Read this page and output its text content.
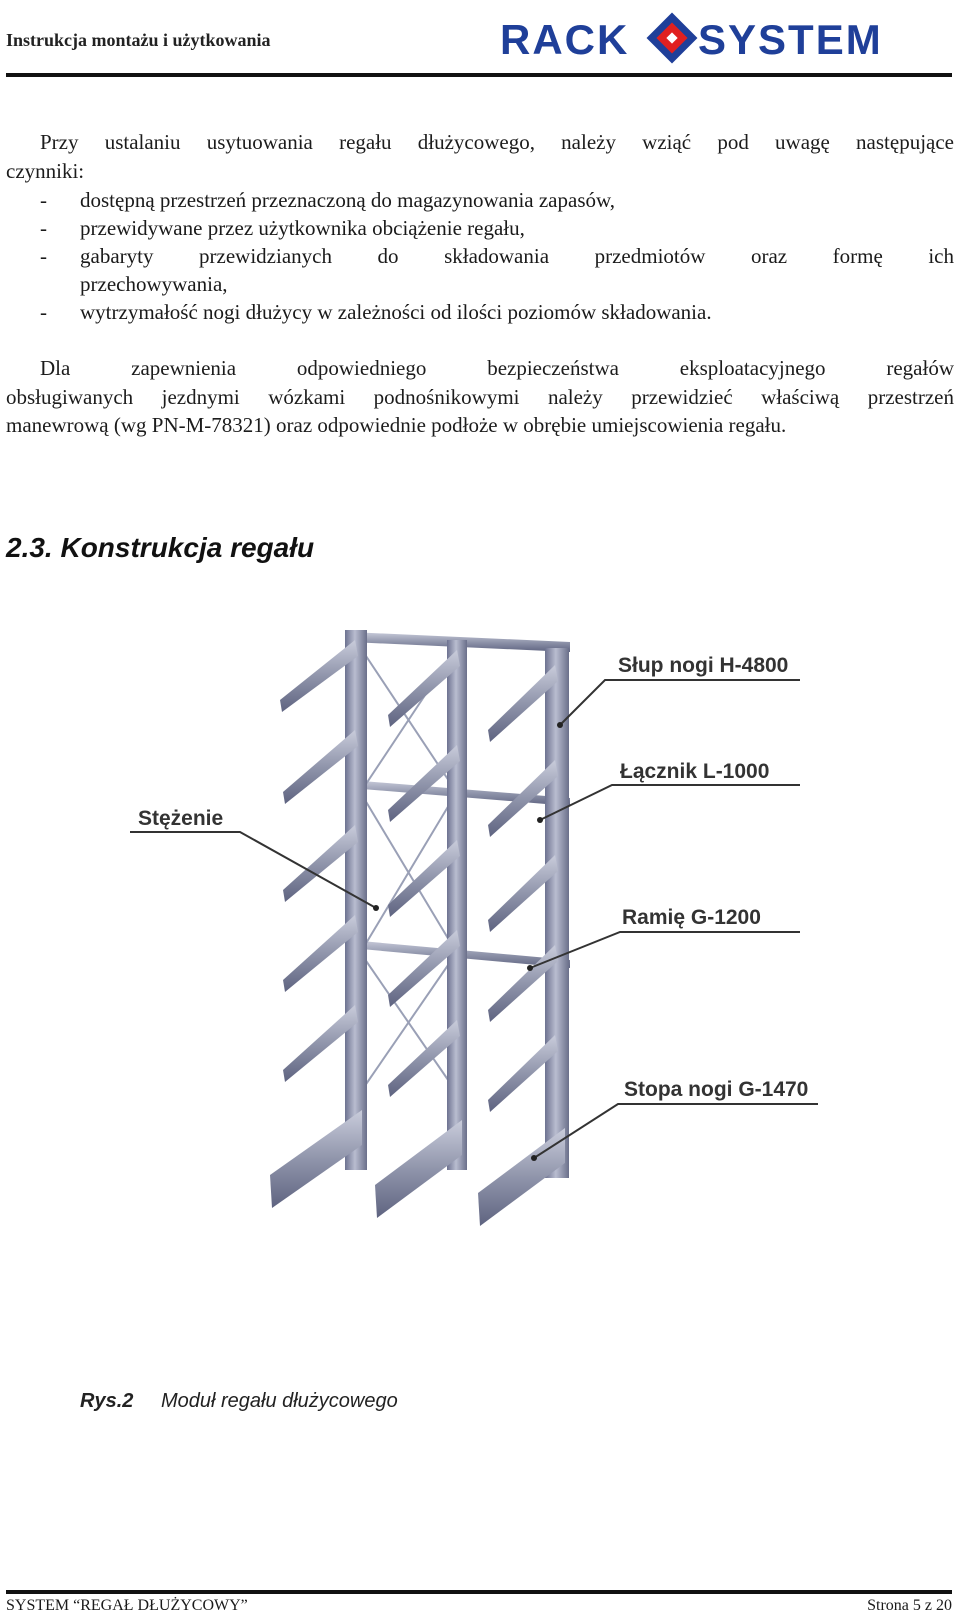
Instrukcja montażu i użytkowania	RACK SYSTEM
Przy ustalaniu usytuowania regału dłużycowego, należy wziąć pod uwagę następujące
czynniki:
- dostępną przestrzeń przeznaczoną do magazynowania zapasów,
- przewidywane przez użytkownika obciążenie regału,
- gabaryty przewidzianych do składowania przedmiotów oraz formę ich
przechowywania,
- wytrzymałość nogi dłużycy w zależności od ilości poziomów składowania.
Dla zapewnienia odpowiedniego bezpieczeństwa eksploatacyjnego regałów
obsługiwanych jezdnymi wózkami podnośnikowymi należy przewidzieć właściwą przestrzeń
manewrową (wg PN-M-78321) oraz odpowiednie podłoże w obrębie umiejscowienia regału.
2.3. Konstrukcja regału
Słup nogi H-4800
Łącznik L-1000
Stężenie
Ramię G-1200
Stopa nogi G-1470
Rys.2 Moduł regału dłużycowego
SYSTEM “REGAŁ DŁUŻYCOWY”	Strona 5 z 20
